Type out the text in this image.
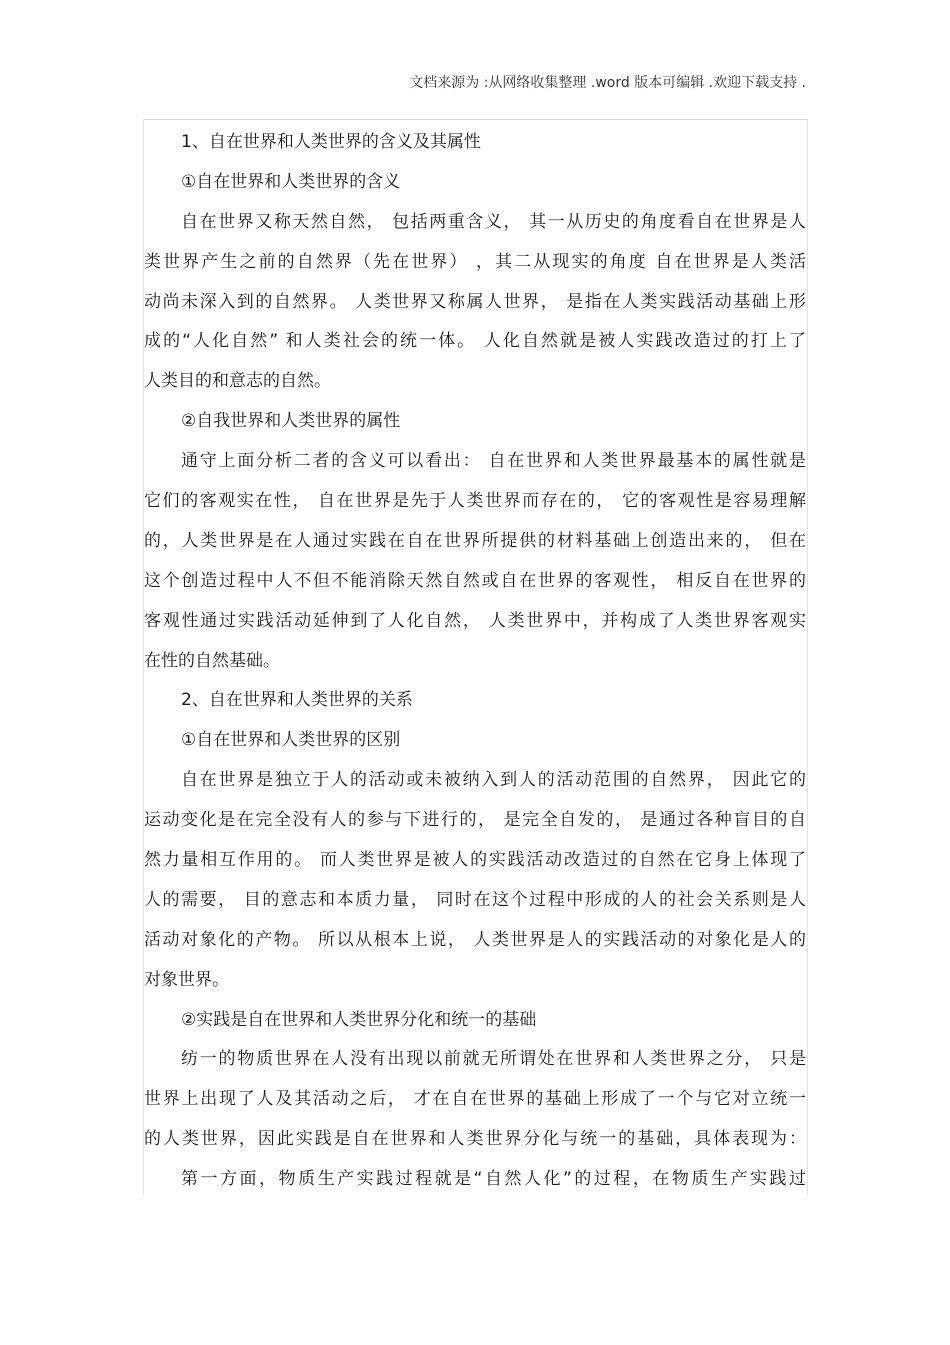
文档来源为 :从网络收集整理 .word 版本可编辑 .欢迎下载支持 .
1、自在世界和人类世界的含义及其属性
①自在世界和人类世界的含义
自在世界又称天然自然， 包括两重含义， 其一从历史的角度看自在世界是人
类世界产生之前的自然界（先在世界） ，其二从现实的角度 自在世界是人类活
动尚未深入到的自然界。 人类世界又称属人世界， 是指在人类实践活动基础上形
成的“人化自然” 和人类社会的统一体。 人化自然就是被人实践改造过的打上了
人类目的和意志的自然。
②自我世界和人类世界的属性
通守上面分析二者的含义可以看出： 自在世界和人类世界最基本的属性就是
它们的客观实在性， 自在世界是先于人类世界而存在的， 它的客观性是容易理解
的，人类世界是在人通过实践在自在世界所提供的材料基础上创造出来的， 但在
这个创造过程中人不但不能消除天然自然或自在世界的客观性， 相反自在世界的
客观性通过实践活动延伸到了人化自然， 人类世界中，并构成了人类世界客观实
在性的自然基础。
2、自在世界和人类世界的关系
①自在世界和人类世界的区别
自在世界是独立于人的活动或未被纳入到人的活动范围的自然界， 因此它的
运动变化是在完全没有人的参与下进行的， 是完全自发的， 是通过各种盲目的自
然力量相互作用的。 而人类世界是被人的实践活动改造过的自然在它身上体现了
人的需要， 目的意志和本质力量， 同时在这个过程中形成的人的社会关系则是人
活动对象化的产物。 所以从根本上说， 人类世界是人的实践活动的对象化是人的
对象世界。
②实践是自在世界和人类世界分化和统一的基础
纺一的物质世界在人没有出现以前就无所谓处在世界和人类世界之分， 只是
世界上出现了人及其活动之后， 才在自在世界的基础上形成了一个与它对立统一
的人类世界，因此实践是自在世界和人类世界分化与统一的基础，具体表现为：
第一方面，物质生产实践过程就是“自然人化”的过程，在物质生产实践过
